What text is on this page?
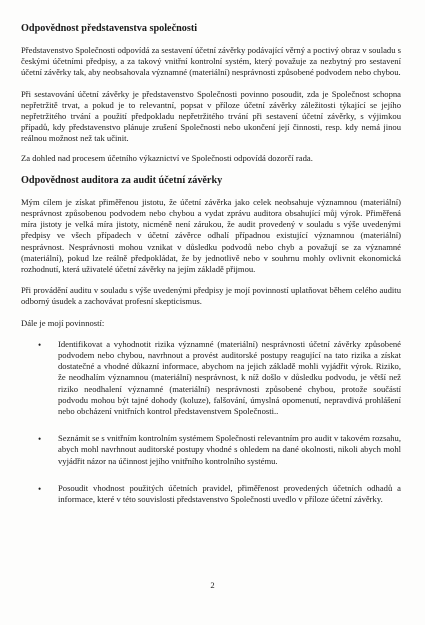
Odpovědnost představenstva společnosti

Představenstvo Společnosti odpovídá za sestavení účetní závěrky podávající věrný a poctivý obraz v souladu s českými účetními předpisy, a za takový vnitřní kontrolní systém, který považuje za nezbytný pro sestavení účetní závěrky tak, aby neobsahovala významné (materiální) nesprávnosti způsobené podvodem nebo chybou.

Při sestavování účetní závěrky je představenstvo Společnosti povinno posoudit, zda je Společnost schopna nepřetržitě trvat, a pokud je to relevantní, popsat v příloze účetní závěrky záležitosti týkající se jejího nepřetržitého trvání a použití předpokladu nepřetržitého trvání při sestavení účetní závěrky, s výjimkou případů, kdy představenstvo plánuje zrušení Společnosti nebo ukončení její činnosti, resp. kdy nemá jinou reálnou možnost než tak učinit.

Za dohled nad procesem účetního výkaznictví ve Společnosti odpovídá dozorčí rada.

Odpovědnost auditora za audit účetní závěrky

Mým cílem je získat přiměřenou jistotu, že účetní závěrka jako celek neobsahuje významnou (materiální) nesprávnost způsobenou podvodem nebo chybou a vydat zprávu auditora obsahující můj výrok. Přiměřená míra jistoty je velká míra jistoty, nicméně není zárukou, že audit provedený v souladu s výše uvedenými předpisy ve všech případech v účetní závěrce odhalí případnou existující významnou (materiální) nesprávnost. Nesprávnosti mohou vznikat v důsledku podvodů nebo chyb a považují se za významné (materiální), pokud lze reálně předpokládat, že by jednotlivě nebo v souhrnu mohly ovlivnit ekonomická rozhodnutí, která uživatelé účetní závěrky na jejím základě přijmou.

Při provádění auditu v souladu s výše uvedenými předpisy je mojí povinností uplatňovat během celého auditu odborný úsudek a zachovávat profesní skepticismus.

Dále je mojí povinností:

• Identifikovat a vyhodnotit rizika významné (materiální) nesprávnosti účetní závěrky způsobené podvodem nebo chybou, navrhnout a provést auditorské postupy reagující na tato rizika a získat dostatečné a vhodné důkazní informace, abychom na jejich základě mohli vyjádřit výrok. Riziko, že neodhalím významnou (materiální) nesprávnost, k níž došlo v důsledku podvodu, je větší než riziko neodhalení významné (materiální) nesprávnosti způsobené chybou, protože součástí podvodu mohou být tajné dohody (koluze), falšování, úmyslná opomenutí, nepravdivá prohlášení nebo obcházení vnitřních kontrol představenstvem Společnosti..
• Seznámit se s vnitřním kontrolním systémem Společnosti relevantním pro audit v takovém rozsahu, abych mohl navrhnout auditorské postupy vhodné s ohledem na dané okolnosti, nikoli abych mohl vyjádřit názor na účinnost jejího vnitřního kontrolního systému.
• Posoudit vhodnost použitých účetních pravidel, přiměřenost provedených účetních odhadů a informace, které v této souvislosti představenstvo Společnosti uvedlo v příloze účetní závěrky.
2
